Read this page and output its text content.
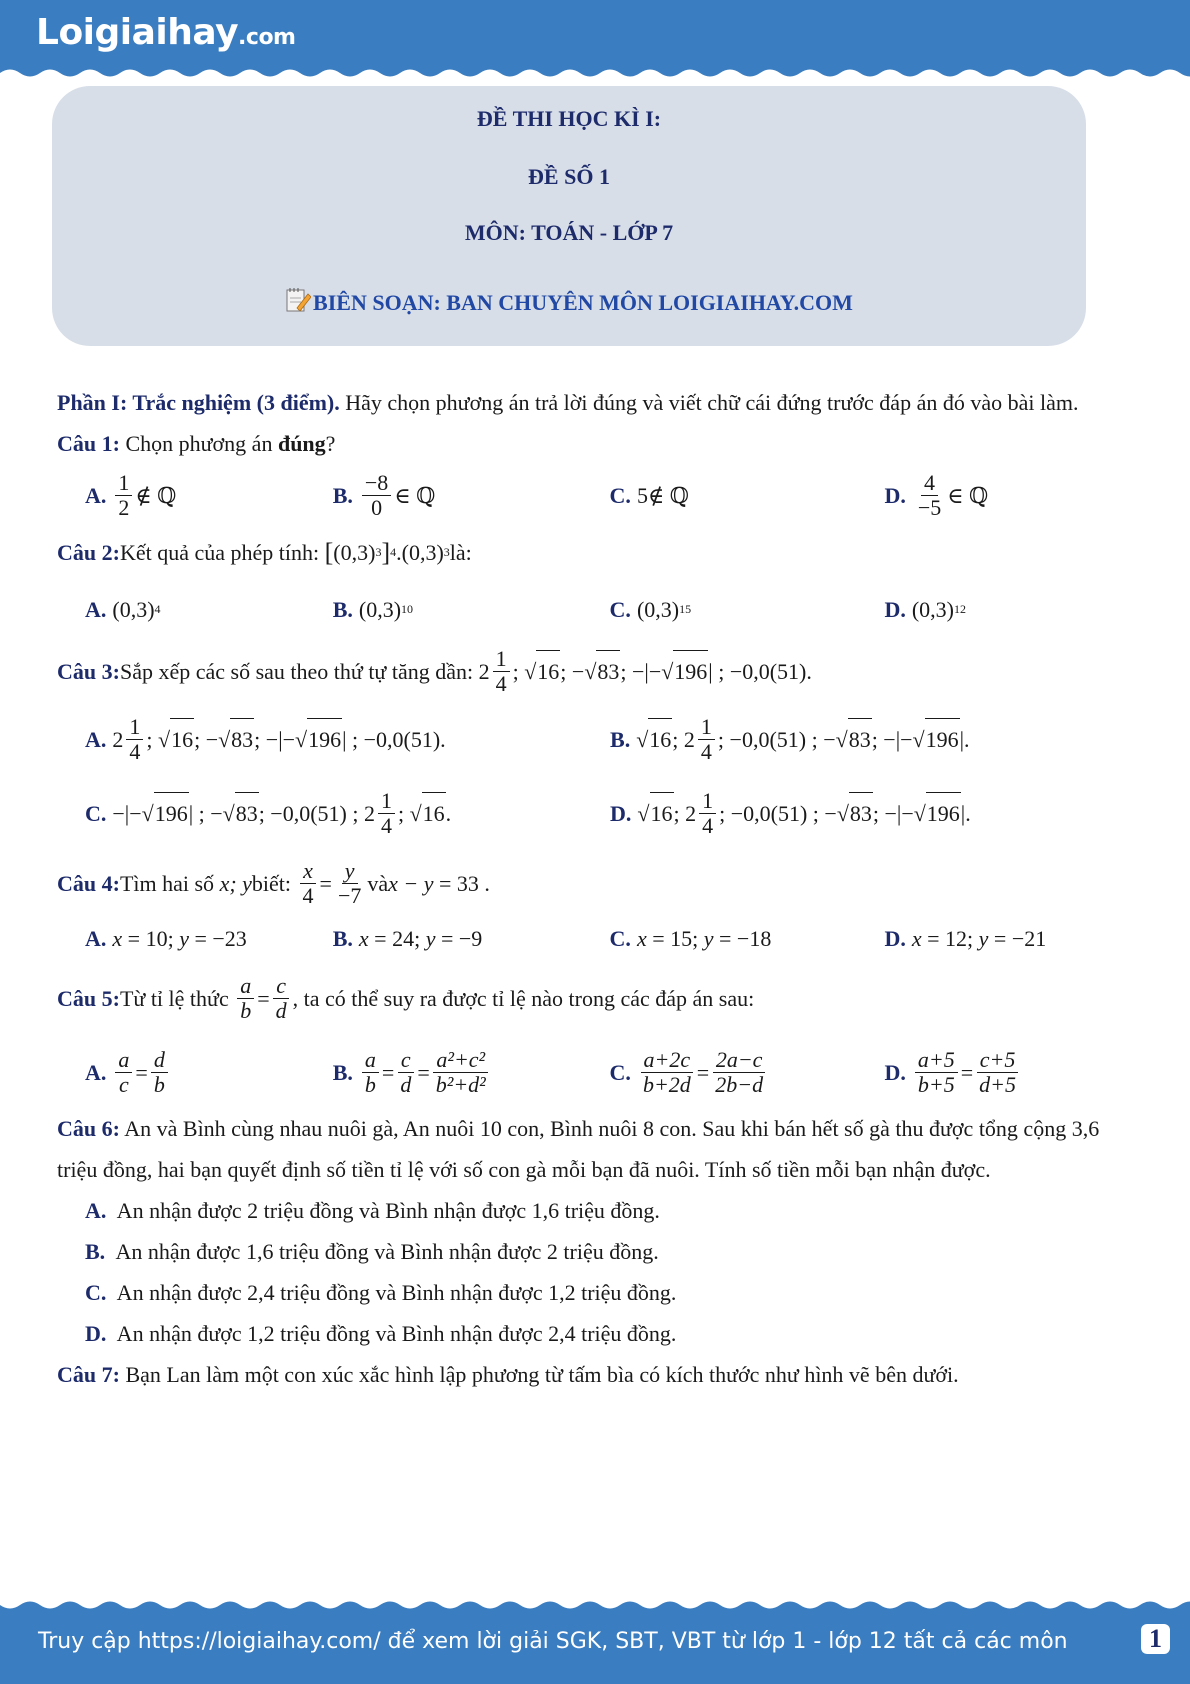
Loigiaihay.com
ĐỀ THI HỌC KÌ I:
ĐỀ SỐ 1
MÔN: TOÁN - LỚP 7
BIÊN SOẠN: BAN CHUYÊN MÔN LOIGIAIHAY.COM
Phần I: Trắc nghiệm (3 điểm). Hãy chọn phương án trả lời đúng và viết chữ cái đứng trước đáp án đó vào bài làm.
Câu 1: Chọn phương án đúng?
A. $\frac{1}{2}$ ∉ ℚ	B. $\frac{-8}{0}$ ∈ ℚ	C. 5∉ ℚ	D. $\frac{4}{-5}$ ∈ ℚ
Câu 2: Kết quả của phép tính:
[ (0,3) 3 ] 4 .(0,3) 3 là:
A. (0,3) 4	B. (0,3) 10	C. (0,3) 15	D. (0,3) 12
Câu 3: Sắp xếp các số sau theo thứ tự tăng dần: $2 \frac{1}{4}$ ; √ 16 ; −√ 83 ; −|−√ 196 | ; −0,0(51).
A. $2 \frac{1}{4}$ ; √ 16 ; −√ 83 ; −|−√ 196 | ; −0,0(51).	B. √ 16 ; $2 \frac{1}{4}$ ; −0,0(51) ; −√ 83 ; −|−√ 196 |.
C. −|−√ 196 | ; −√ 83 ; −0,0(51) ; $2 \frac{1}{4}$ ; √ 16 .	D. √ 16 ; $2 \frac{1}{4}$ ; −0,0(51) ; −√ 83 ; −|−√ 196 |.
Câu 4: Tìm hai số
x; y biết:
$\frac{x}{4} = \frac{y}{-7}$ và x − y = 33 .
A. x = 10; y = −23	B. x = 24; y = −9	C. x = 15; y = −18	D. x = 12; y = −21
Câu 5: Từ tỉ lệ thức
$\frac{a}{b} = \frac{c}{d}$ , ta có thể suy ra được tỉ lệ nào trong các đáp án sau:
A. $\frac{a}{c} = \frac{d}{b}$	B. $\frac{a}{b} = \frac{c}{d} = \frac{\text{a²+c²}}{\text{b²+d²}}$	C. $\frac{a+2c}{b+2d} = \frac{2a-c}{2b-d}$	D. $\frac{a+5}{b+5} = \frac{c+5}{d+5}$
Câu 6: An và Bình cùng nhau nuôi gà, An nuôi 10 con, Bình nuôi 8 con. Sau khi bán hết số gà thu được tổng cộng 3,6 triệu đồng, hai bạn quyết định số tiền tỉ lệ với số con gà mỗi bạn đã nuôi. Tính số tiền mỗi bạn nhận được.
A. An nhận được 2 triệu đồng và Bình nhận được 1,6 triệu đồng.
B. An nhận được 1,6 triệu đồng và Bình nhận được 2 triệu đồng.
C. An nhận được 2,4 triệu đồng và Bình nhận được 1,2 triệu đồng.
D. An nhận được 1,2 triệu đồng và Bình nhận được 2,4 triệu đồng.
Câu 7: Bạn Lan làm một con xúc xắc hình lập phương từ tấm bìa có kích thước như hình vẽ bên dưới.
Truy cập https://loigiaihay.com/ để xem lời giải SGK, SBT, VBT từ lớp 1 - lớp 12 tất cả các môn	1
